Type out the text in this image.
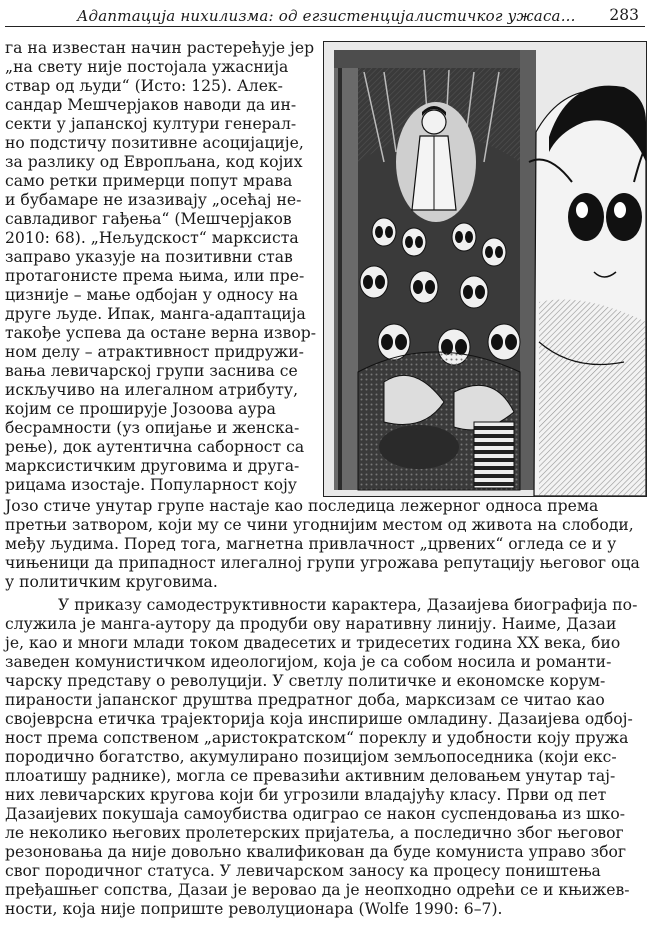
Адаптација нихилизма: од егзистенцијалистичког ужаса... 283
га на известан начин растерећује јер
„на свету није постојала ужаснија
ствар од људи“ (Исто: 125). Алек-
сандар Мешчерјаков наводи да ин-
секти у јапанској култури генерал-
но подстичу позитивне асоцијације,
за разлику од Европљана, код којих
само ретки примерци попут мрава
и бубамаре не изазивају „осећај не-
савладивог гађења“ (Мешчерјаков
2010: 68). „Нељудскост“ марксиста
заправо указује на позитивни став
протагонисте према њима, или пре-
цизније – мање одбојан у односу на
друге људе. Ипак, манга-адаптација
такође успева да остане верна извор-
ном делу – атрактивност придружи-
вања левичарској групи заснива се
искључиво на илегалном атрибуту,
којим се проширује Јозоова аура
бесрамности (уз опијање и женска-
рење), док аутентична саборност са
марксистичким друговима и друга-
рицама изостаје. Популарност коју
Јозо стиче унутар групе настаје као последица лежерног односа према
претњи затвором, који му се чини угоднијим местом од живота на слободи,
међу људима. Поред тога, магнетна привлачност „црвених“ огледа се и у
чињеници да припадност илегалној групи угрожава репутацију његовог оца
у политичким круговима.
У приказу самодеструктивности карактера, Дазаијева биографија по-
служила је манга-аутору да продуби ову наративну линију. Наиме, Дазаи
је, као и многи млади током двадесетих и тридесетих година XX века, био
заведен комунистичком идеологијом, која је са собом носила и романти-
чарску представу о револуцији. У светлу политичке и економске корум-
пираности јапанског друштва предратног доба, марксизам се читао као
својеврсна етичка трајекторија која инспирише омладину. Дазаијева одбој-
ност према сопственом „аристократском“ пореклу и удобности коју пружа
породично богатство, акумулирано позицијом земљопоседника (који екс-
плоатишу раднике), могла се превазићи активним деловањем унутар тај-
них левичарских кругова који би угрозили владајућу класу. Први од пет
Дазаијевих покушаја самоубиства одиграо се након суспендовања из шко-
ле неколико његових пролетерских пријатеља, а последично због његовог
резоновања да није довољно квалификован да буде комуниста управо због
свог породичног статуса. У левичарском заносу ка процесу поништења
пређашњег сопства, Дазаи је веровао да је неопходно одрећи се и књижев-
ности, која није поприште револуционара (Wolfe 1990: 6–7).
